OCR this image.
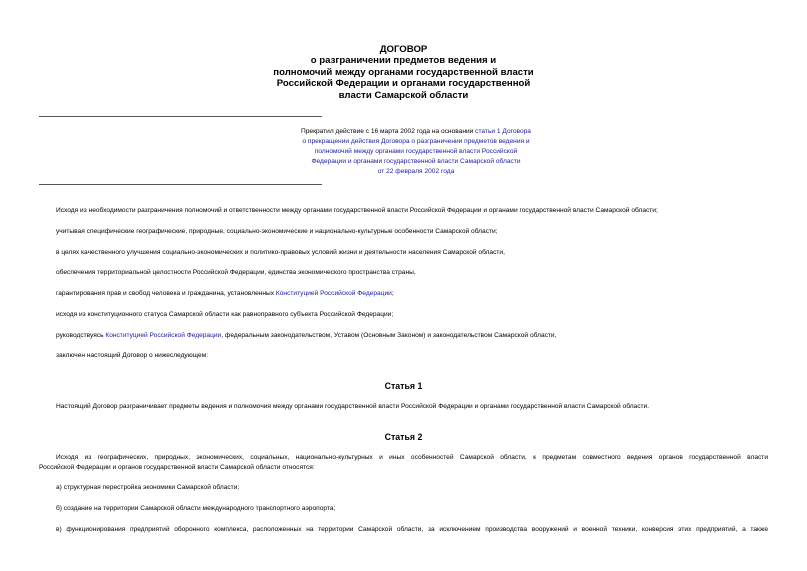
ДОГОВОР
о разграничении предметов ведения и
полномочий между органами государственной власти
Российской Федерации и органами государственной
власти Самарской области
Прекратил действие с 16 марта 2002 года на основании статьи 1 Договора
о прекращении действия Договора о разграничении предметов ведения и
полномочий между органами государственной власти Российской
Федерации и органами государственной власти Самарской области
от 22 февраля 2002 года
Исходя из необходимости разграничения полномочий и ответственности между органами государственной власти Российской Федерации и органами государственной власти Самарской области;
учитывая специфические географические, природные, социально-экономические и национально-культурные особенности Самарской области;
в целях качественного улучшения социально-экономических и политико-правовых условий жизни и деятельности населения Самарской области,
обеспечения территориальной целостности Российской Федерации, единства экономического пространства страны,
гарантирования прав и свобод человека и гражданина, установленных Конституцией Российской Федерации;
исходя из конституционного статуса Самарской области как равноправного субъекта Российской Федерации;
руководствуясь Конституцией Российской Федерации, федеральным законодательством, Уставом (Основным Законом) и законодательством Самарской области,
заключен настоящий Договор о нижеследующем:
Статья 1
Настоящий Договор разграничивает предметы ведения и полномочия между органами государственной власти Российской Федерации и органами государственной власти Самарской области.
Статья 2
Исходя из географических, природных, экономических, социальных, национально-культурных и иных особенностей Самарской области, к предметам совместного ведения органов государственной власти
Российской Федерации и органов государственной власти Самарской области относятся:
а) структурная перестройка экономики Самарской области;
б) создание на территории Самарской области международного транспортного аэропорта;
в) функционирования предприятий оборонного комплекса, расположенных на территории Самарской области, за исключением производства вооружений и военной техники, конверсия этих предприятий, а также
